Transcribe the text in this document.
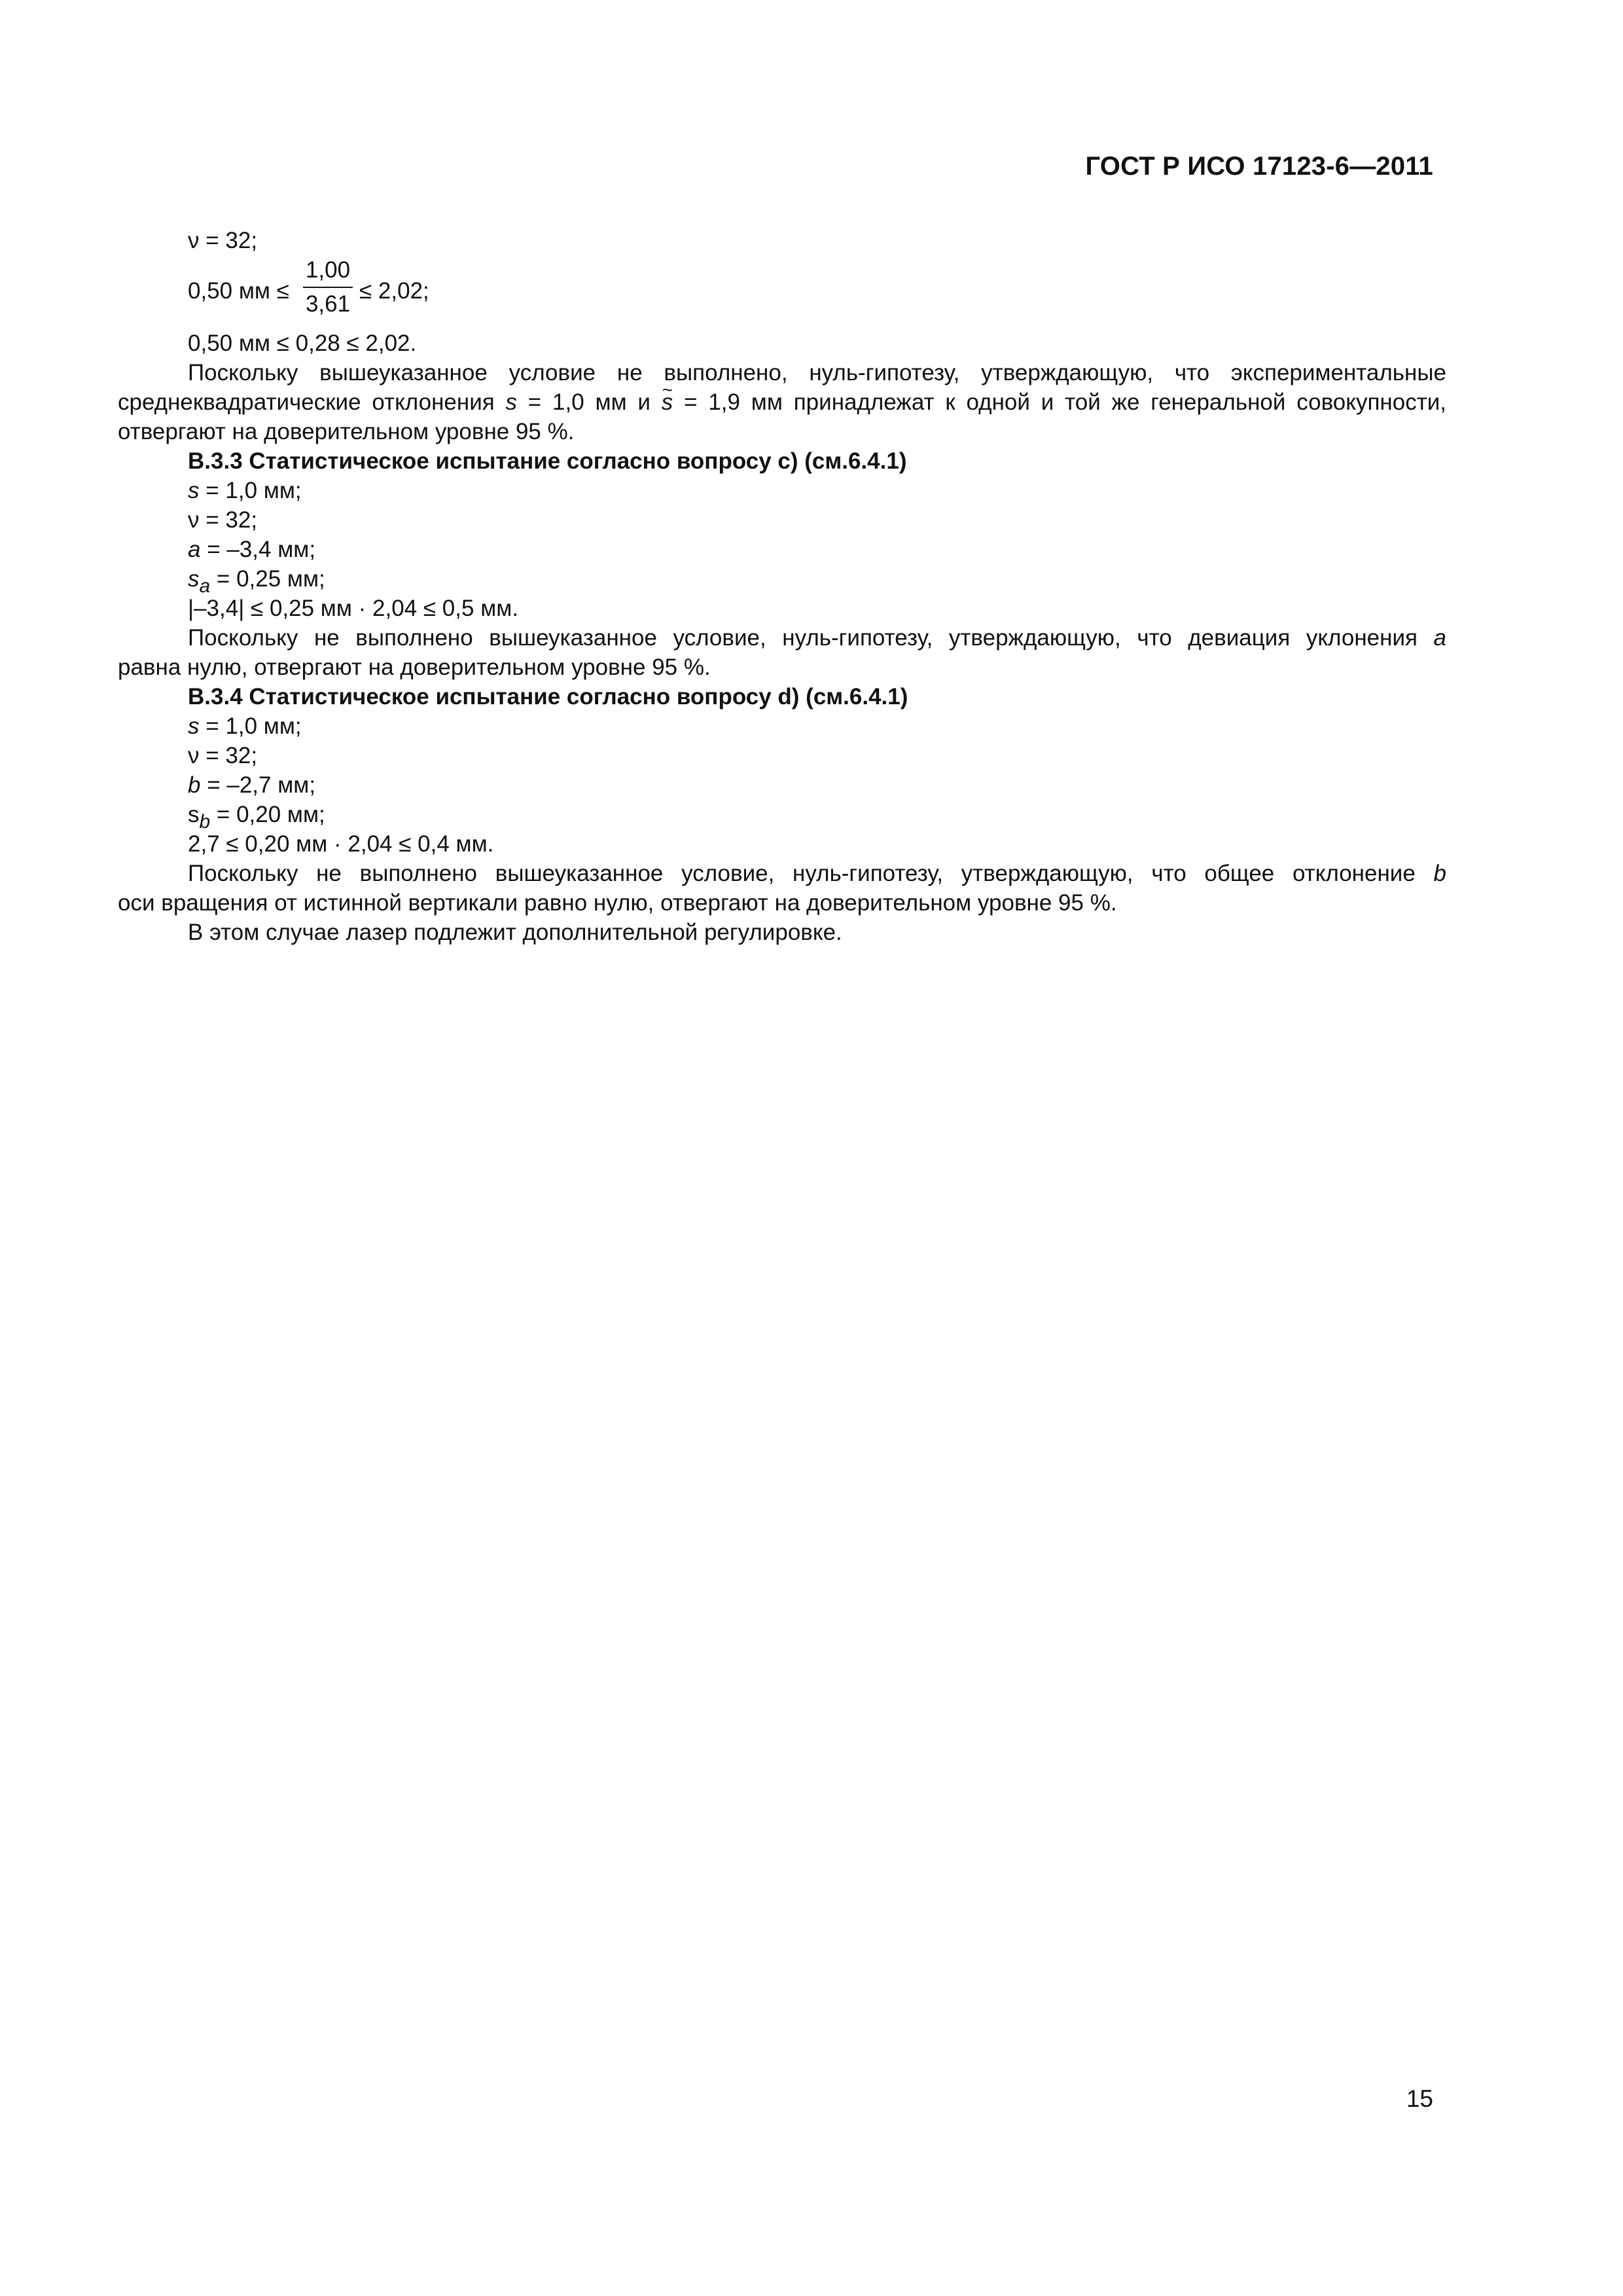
ГОСТ Р ИСО 17123-6—2011
ν = 32;
0,50 мм ≤
1,00
3,61
≤ 2,02;
0,50 мм ≤ 0,28 ≤ 2,02.
Поскольку вышеуказанное условие не выполнено, нуль-гипотезу, утверждающую, что экспериментальные
среднеквадратические отклонения s = 1,0 мм и ~ s = 1,9 мм принадлежат к одной и той же генеральной совокупности,
отвергают на доверительном уровне 95 %.
В.3.3 Статистическое испытание согласно вопросу с) (см.6.4.1)
s = 1,0 мм;
ν = 32;
a = –3,4 мм;
sa = 0,25 мм;
|–3,4| ≤ 0,25 мм · 2,04 ≤ 0,5 мм.
Поскольку не выполнено вышеуказанное условие, нуль-гипотезу, утверждающую, что девиация уклонения a
равна нулю, отвергают на доверительном уровне 95 %.
В.3.4 Статистическое испытание согласно вопросу d) (см.6.4.1)
s = 1,0 мм;
ν = 32;
b = –2,7 мм;
sb = 0,20 мм;
2,7 ≤ 0,20 мм · 2,04 ≤ 0,4 мм.
Поскольку не выполнено вышеуказанное условие, нуль-гипотезу, утверждающую, что общее отклонение b
оси вращения от истинной вертикали равно нулю, отвергают на доверительном уровне 95 %.
В этом случае лазер подлежит дополнительной регулировке.
15
